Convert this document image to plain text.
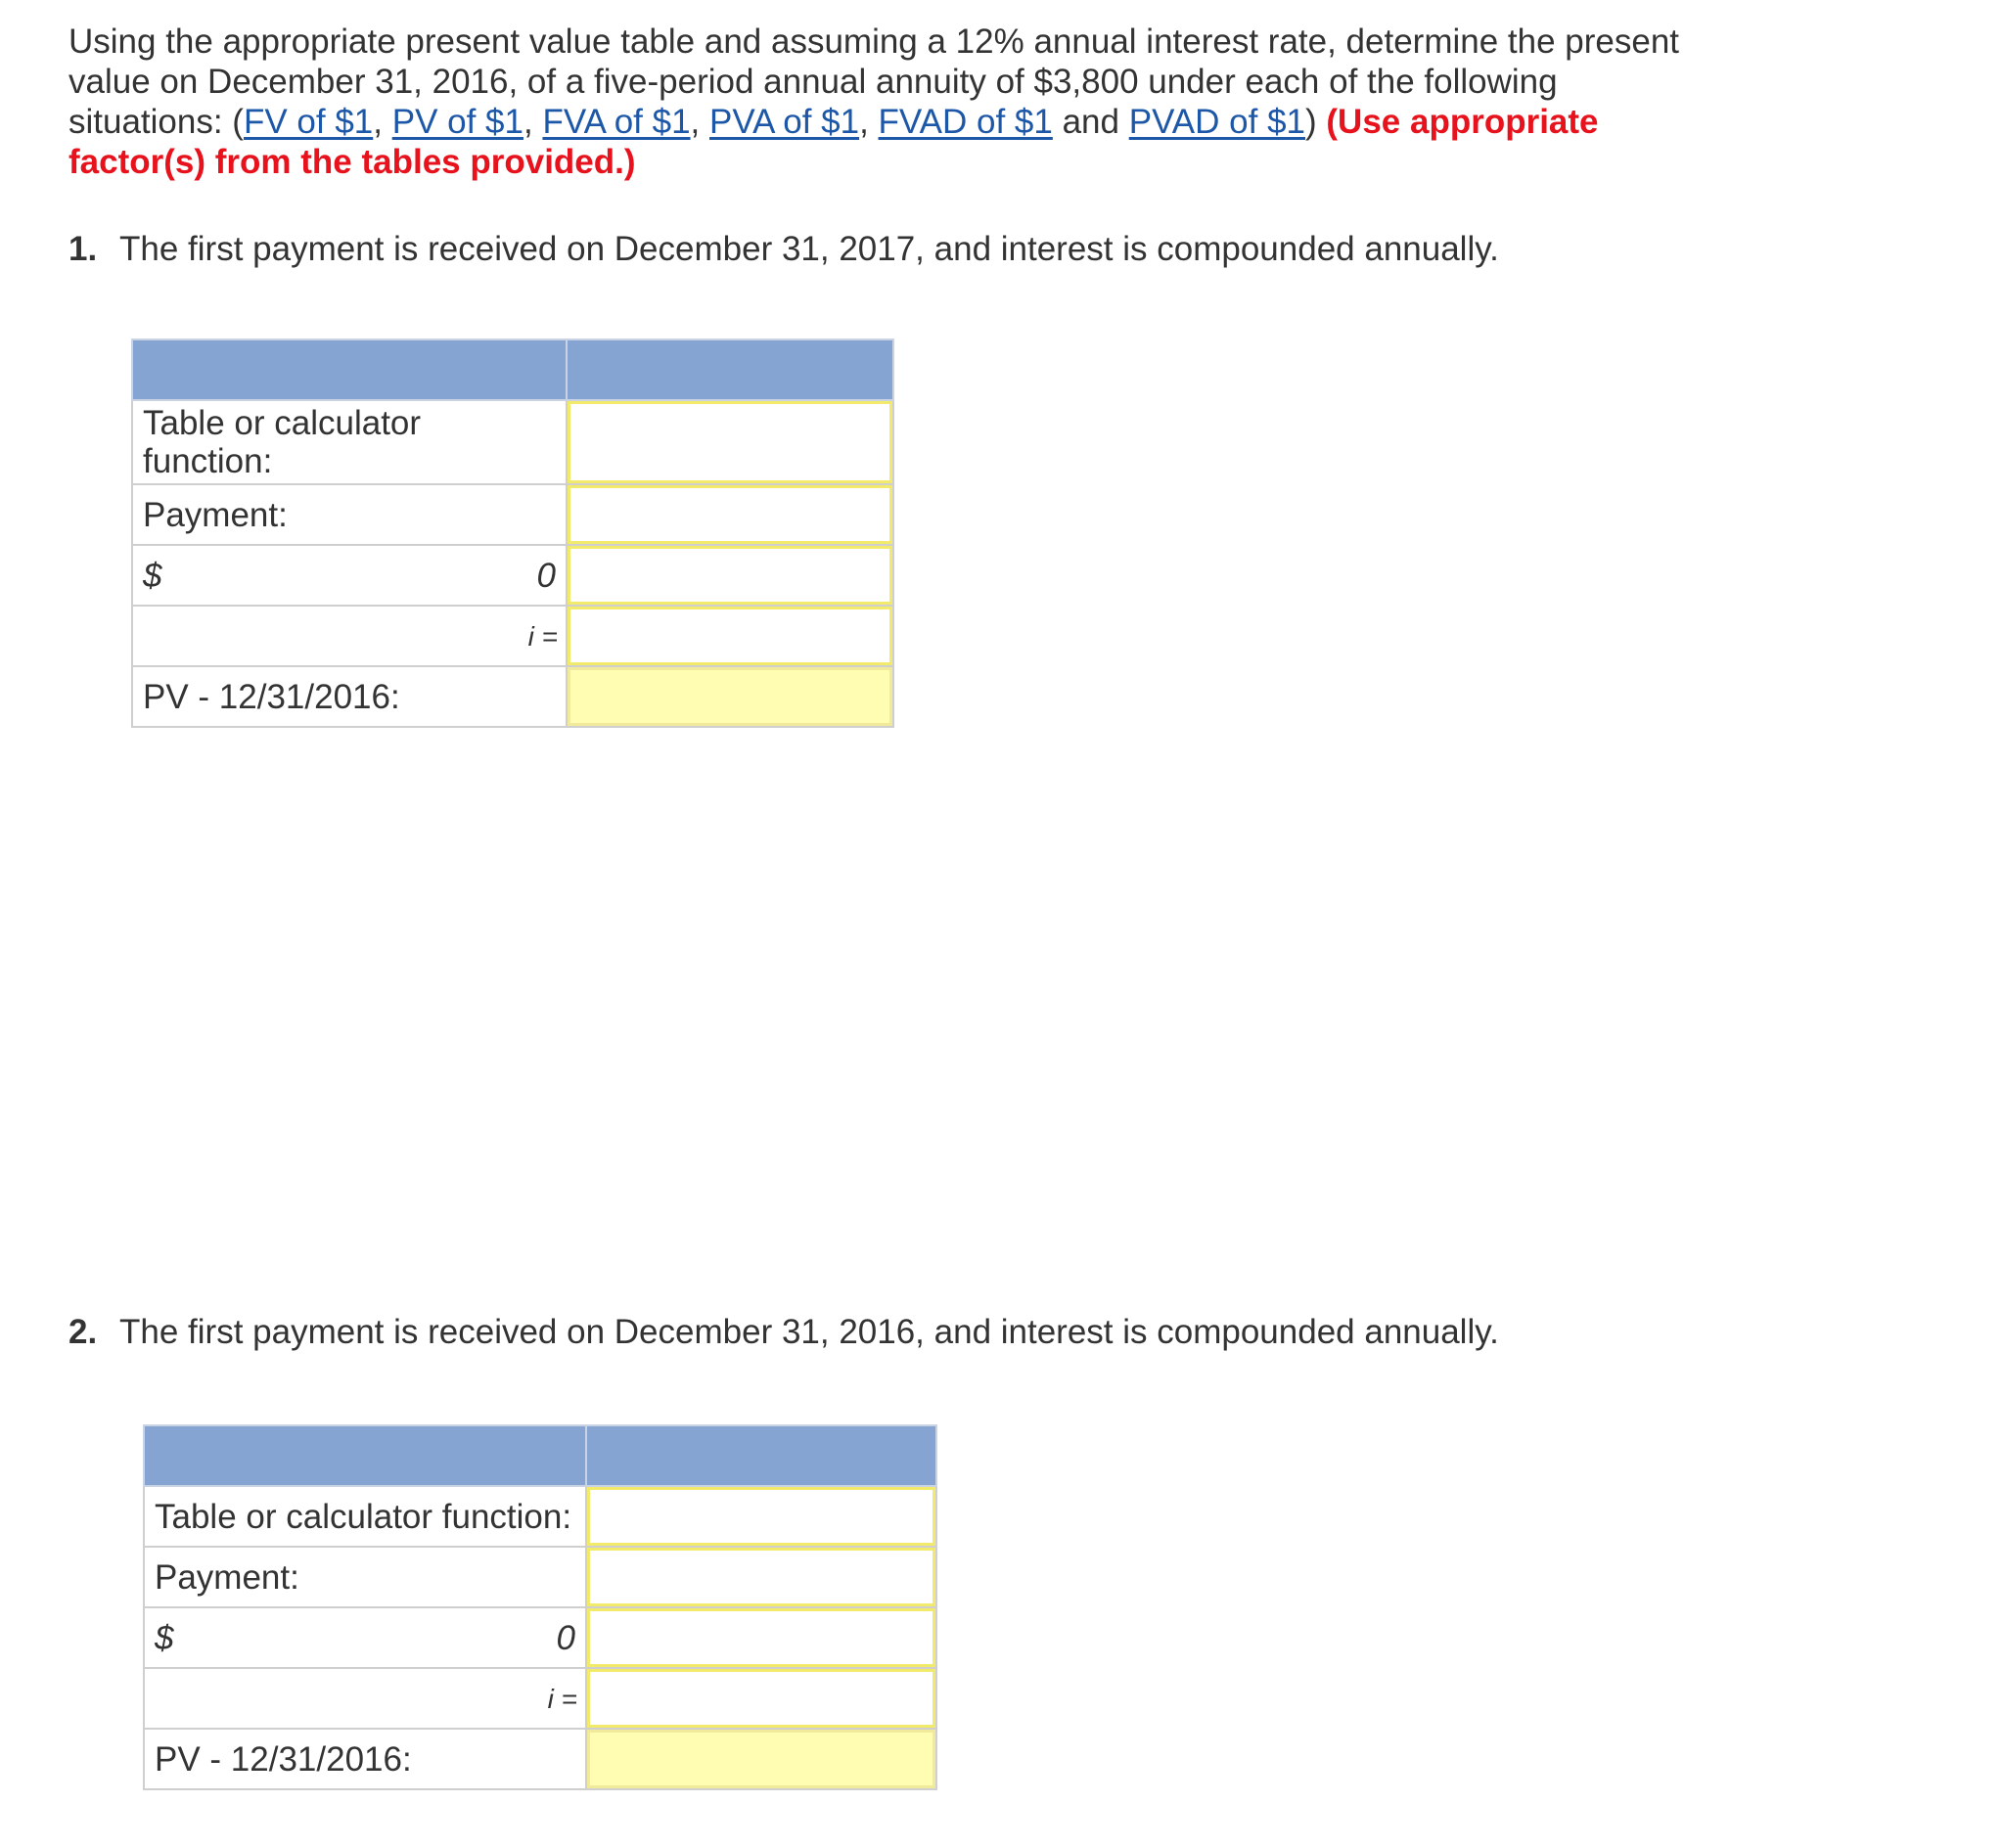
Using the appropriate present value table and assuming a 12% annual interest rate, determine the present value on December 31, 2016, of a five-period annual annuity of $3,800 under each of the following situations: (FV of $1, PV of $1, FVA of $1, PVA of $1, FVAD of $1 and PVAD of $1) (Use appropriate factor(s) from the tables provided.)

1. The first payment is received on December 31, 2017, and interest is compounded annually.

Table or calculator function:	

Payment:	

$ 0	

i =	

PV - 12/31/2016:	

2. The first payment is received on December 31, 2016, and interest is compounded annually.

Table or calculator function:	

Payment:	

$ 0	

i =	

PV - 12/31/2016:	
